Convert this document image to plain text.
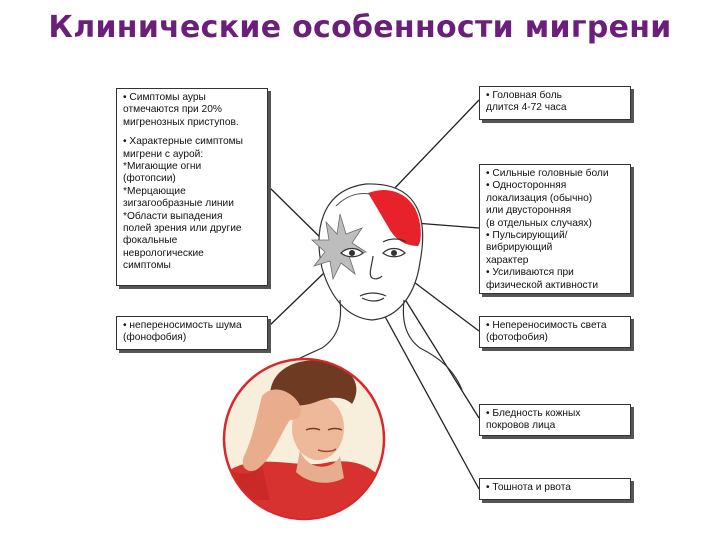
Клинические особенности мигрени
• Симптомы ауры
отмечаются при 20%
мигренозных приступов.
• Характерные симптомы
мигрени с аурой:
*Мигающие огни
(фотопсии)
*Мерцающие
зигзагообразные линии
*Области выпадения
полей зрения или другие
фокальные
неврологические
симптомы
• непереносимость шума
(фонофобия)
• Головная боль
длится 4-72 часа
• Сильные головные боли
• Односторонняя
локализация (обычно)
или двусторонняя
(в отдельных случаях)
• Пульсирующий/
вибрирующий
характер
• Усиливаются при
физической активности
• Непереносимость света
(фотофобия)
• Бледность кожных
покровов лица
• Тошнота и рвота
